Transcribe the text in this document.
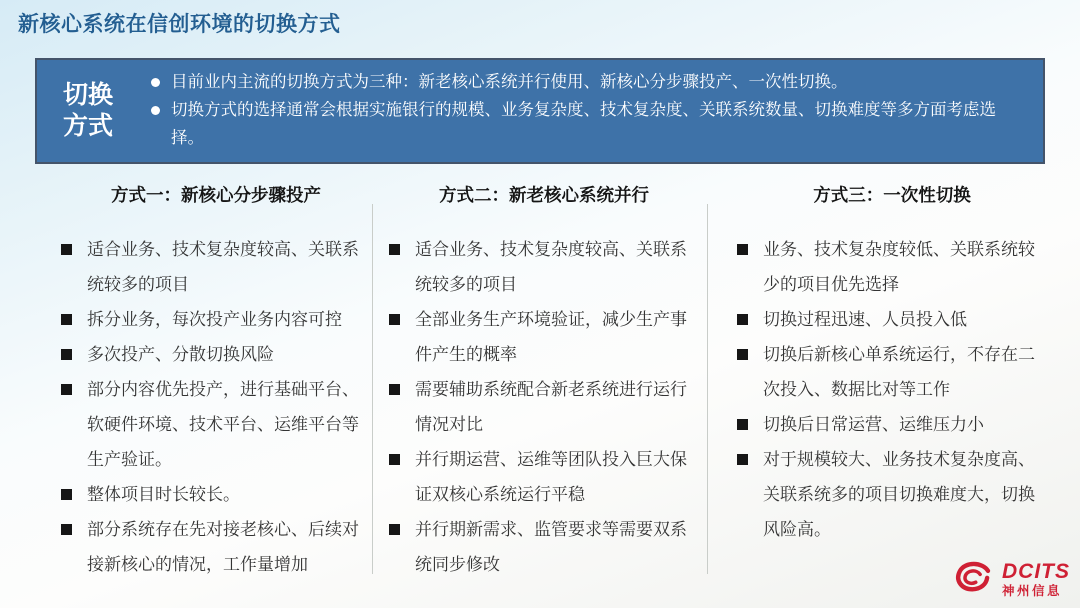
新核心系统在信创环境的切换方式
切换
方式
目前业内主流的切换方式为三种：新老核心系统并行使用、新核心分步骤投产、一次性切换。
切换方式的选择通常会根据实施银行的规模、业务复杂度、技术复杂度、关联系统数量、切换难度等多方面考虑选择。
方式一：新核心分步骤投产
适合业务、技术复杂度较高、关联系统较多的项目
拆分业务，每次投产业务内容可控
多次投产、分散切换风险
部分内容优先投产，进行基础平台、软硬件环境、技术平台、运维平台等生产验证。
整体项目时长较长。
部分系统存在先对接老核心、后续对接新核心的情况，工作量增加
方式二：新老核心系统并行
适合业务、技术复杂度较高、关联系统较多的项目
全部业务生产环境验证，减少生产事件产生的概率
需要辅助系统配合新老系统进行运行情况对比
并行期运营、运维等团队投入巨大保证双核心系统运行平稳
并行期新需求、监管要求等需要双系统同步修改
方式三：一次性切换
业务、技术复杂度较低、关联系统较少的项目优先选择
切换过程迅速、人员投入低
切换后新核心单系统运行，不存在二次投入、数据比对等工作
切换后日常运营、运维压力小
对于规模较大、业务技术复杂度高、关联系统多的项目切换难度大，切换风险高。
DCITS
神州信息
